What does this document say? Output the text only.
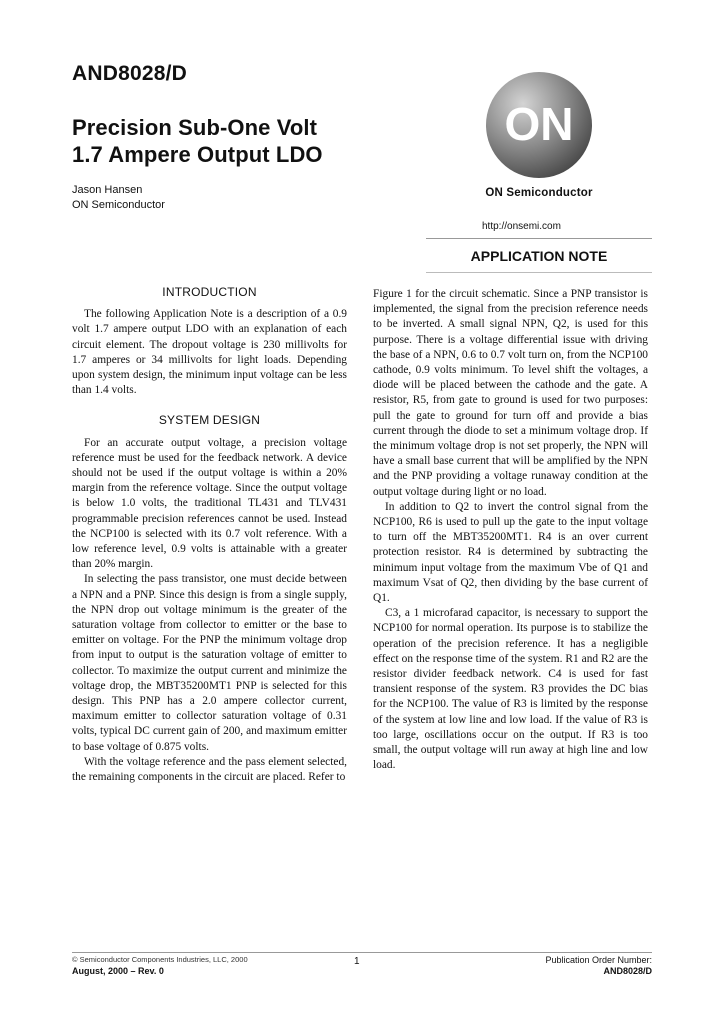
AND8028/D
Precision Sub-One Volt
1.7 Ampere Output LDO
Jason Hansen
ON Semiconductor
ON
ON Semiconductor
http://onsemi.com
APPLICATION NOTE
INTRODUCTION

The following Application Note is a description of a 0.9 volt 1.7 ampere output LDO with an explanation of each circuit element. The dropout voltage is 230 millivolts for 1.7 amperes or 34 millivolts for light loads. Depending upon system design, the minimum input voltage can be less than 1.4 volts.

SYSTEM DESIGN

For an accurate output voltage, a precision voltage reference must be used for the feedback network. A device should not be used if the output voltage is within a 20% margin from the reference voltage. Since the output voltage is below 1.0 volts, the traditional TL431 and TLV431 programmable precision references cannot be used. Instead the NCP100 is selected with its 0.7 volt reference. With a low reference level, 0.9 volts is attainable with a greater than 20% margin.

In selecting the pass transistor, one must decide between a NPN and a PNP. Since this design is from a single supply, the NPN drop out voltage minimum is the greater of the saturation voltage from collector to emitter or the base to emitter on voltage. For the PNP the minimum voltage drop from input to output is the saturation voltage of emitter to collector. To maximize the output current and minimize the voltage drop, the MBT35200MT1 PNP is selected for this design. This PNP has a 2.0 ampere collector current, maximum emitter to collector saturation voltage of 0.31 volts, typical DC current gain of 200, and maximum emitter to base voltage of 0.875 volts.

With the voltage reference and the pass element selected, the remaining components in the circuit are placed. Refer to

Figure 1 for the circuit schematic. Since a PNP transistor is implemented, the signal from the precision reference needs to be inverted. A small signal NPN, Q2, is used for this purpose. There is a voltage differential issue with driving the base of a NPN, 0.6 to 0.7 volt turn on, from the NCP100 cathode, 0.9 volts minimum. To level shift the voltages, a diode will be placed between the cathode and the gate. A resistor, R5, from gate to ground is used for two purposes: pull the gate to ground for turn off and provide a bias current through the diode to set a minimum voltage drop. If the minimum voltage drop is not set properly, the NPN will have a small base current that will be amplified by the NPN and the PNP providing a voltage runaway condition at the output voltage during light or no load.

In addition to Q2 to invert the control signal from the NCP100, R6 is used to pull up the gate to the input voltage to turn off the MBT35200MT1. R4 is an over current protection resistor. R4 is determined by subtracting the minimum input voltage from the maximum Vbe of Q1 and maximum Vsat of Q2, then dividing by the base current of Q1.

C3, a 1 microfarad capacitor, is necessary to support the NCP100 for normal operation. Its purpose is to stabilize the operation of the precision reference. It has a negligible effect on the response time of the system. R1 and R2 are the resistor divider feedback network. C4 is used for fast transient response of the system. R3 provides the DC bias for the NCP100. The value of R3 is limited by the response of the system at low line and low load. If the value of R3 is too large, oscillations occur on the output. If R3 is too small, the output voltage will run away at high line and low load.

© Semiconductor Components Industries, LLC, 2000
August, 2000 – Rev. 0
1	Publication Order Number:
AND8028/D
